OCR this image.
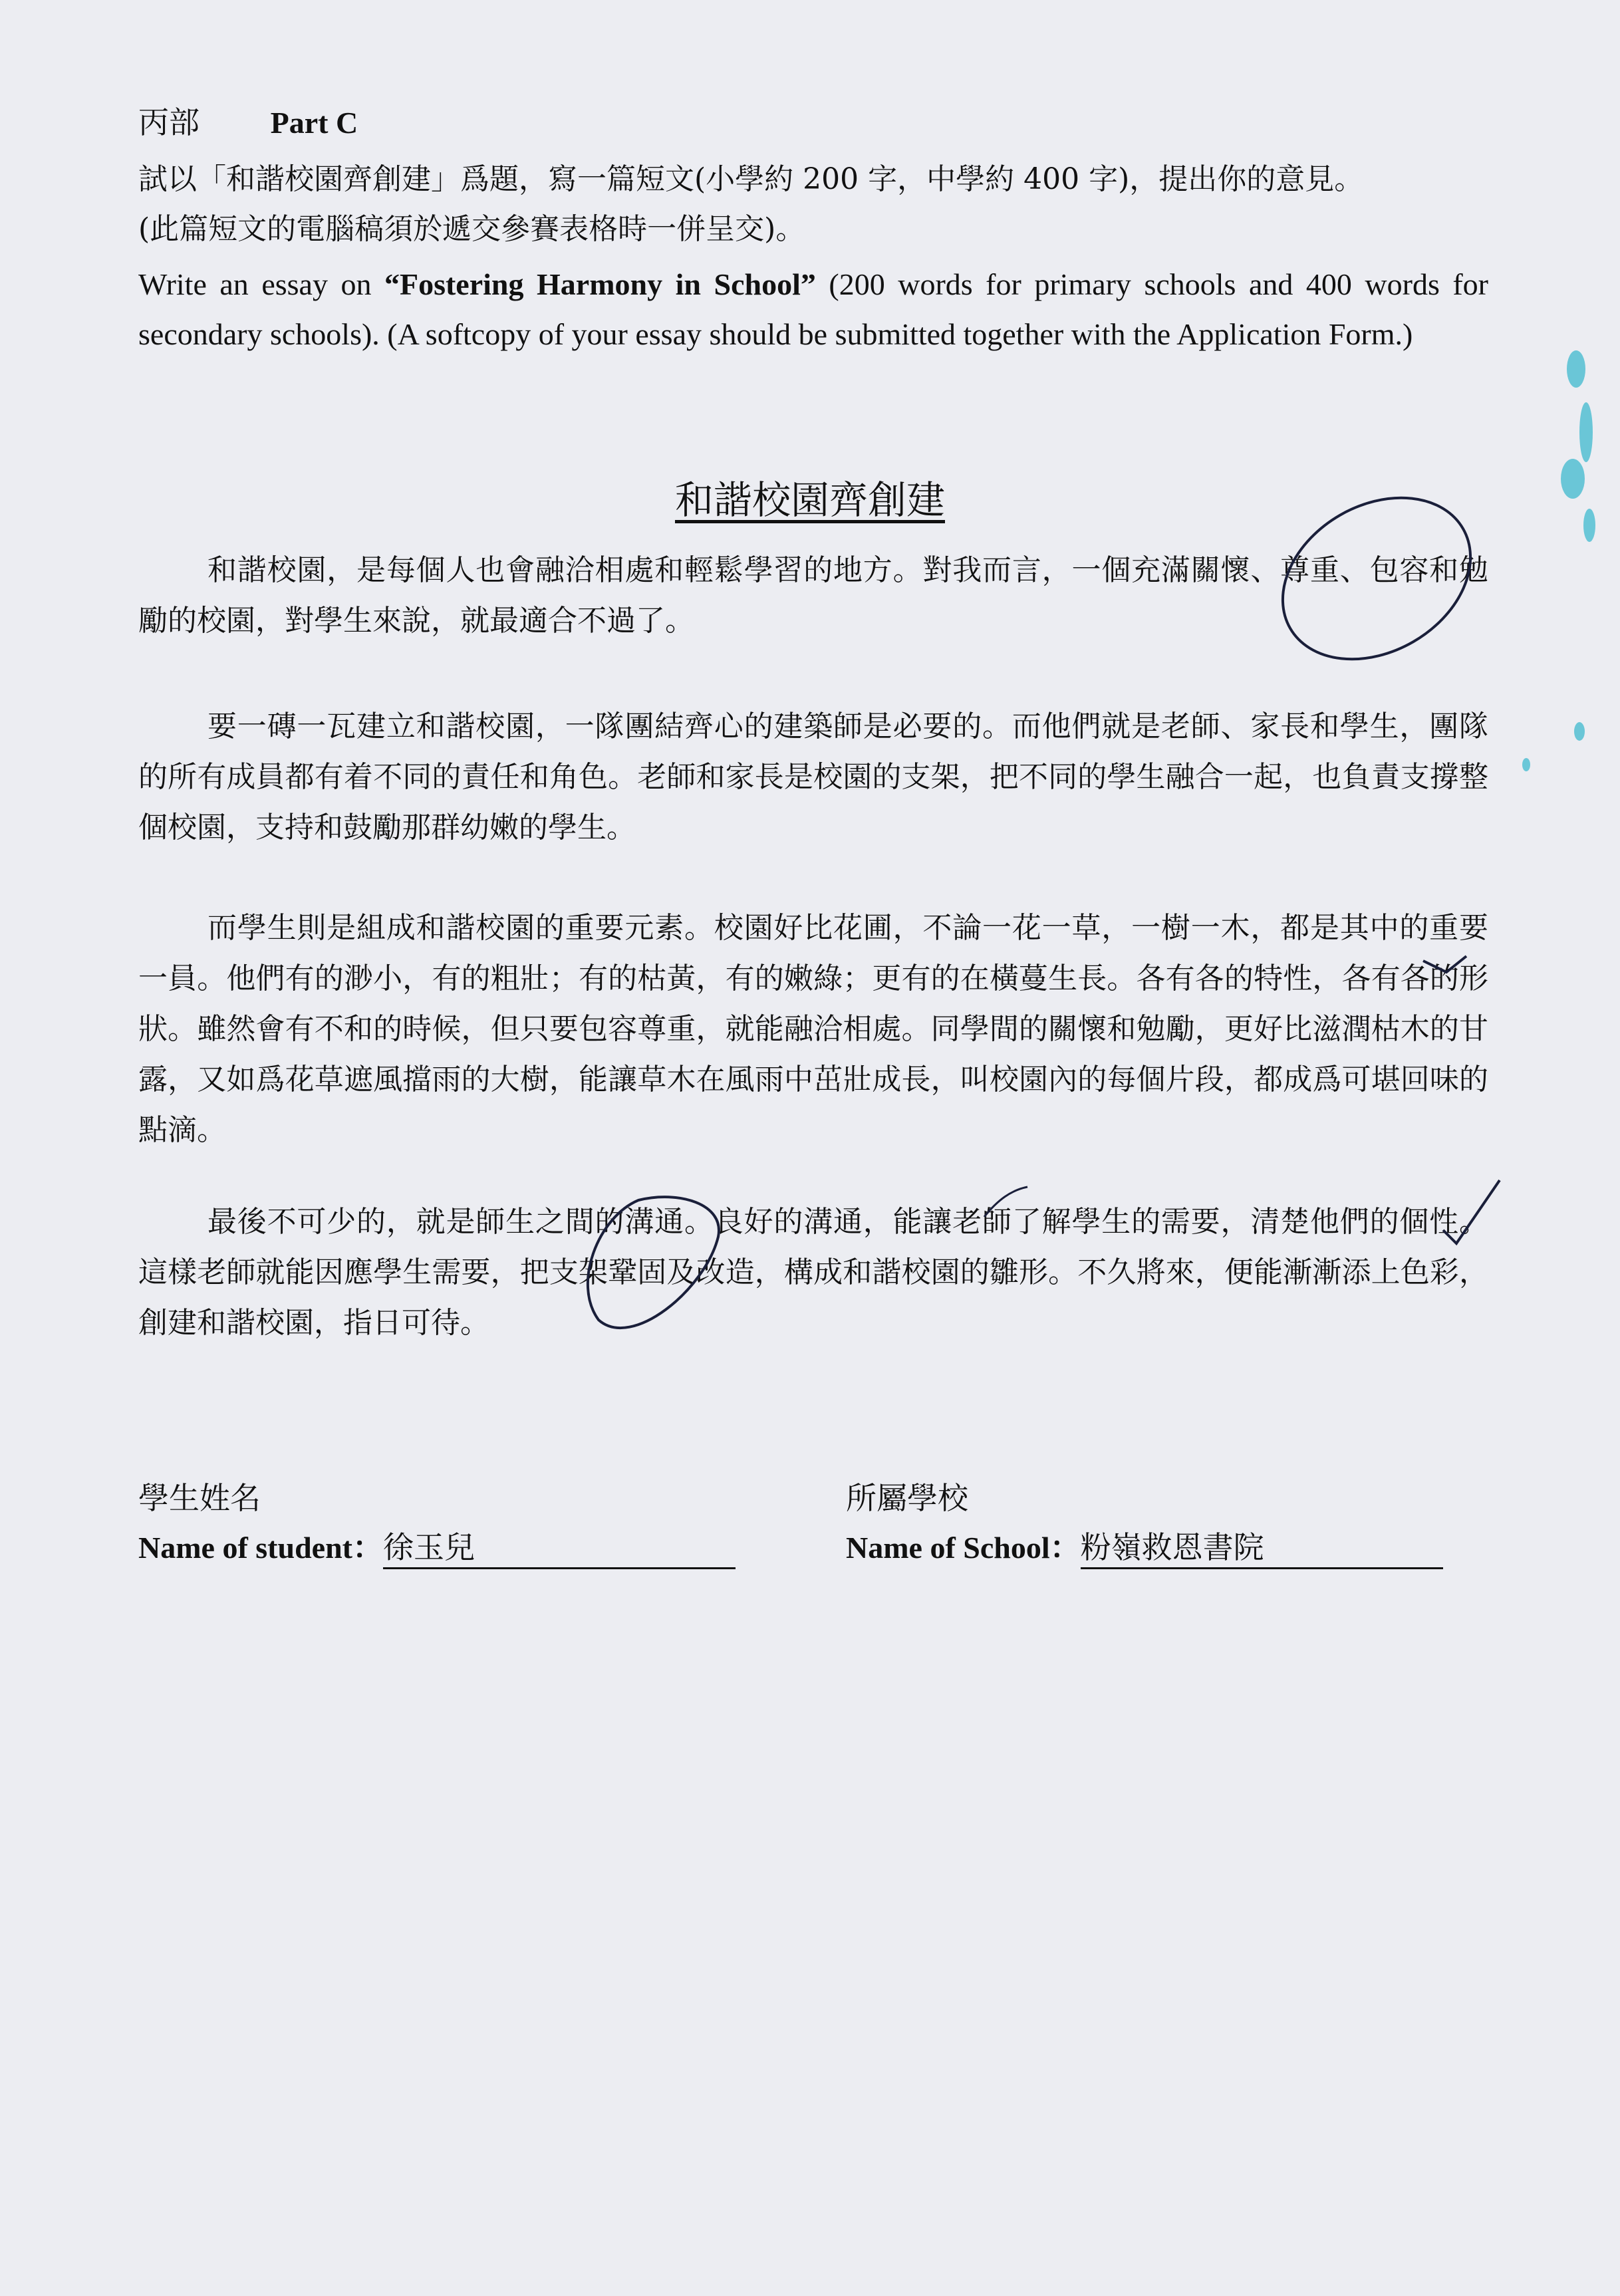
丙部 Part C
試以「和諧校園齊創建」爲題，寫一篇短文(小學約 200 字，中學約 400 字)，提出你的意見。
(此篇短文的電腦稿須於遞交參賽表格時一併呈交)。
Write an essay on “Fostering Harmony in School” (200 words for primary schools and 400 words for secondary schools). (A softcopy of your essay should be submitted together with the Application Form.)
和諧校園齊創建

和諧校園，是每個人也會融洽相處和輕鬆學習的地方。對我而言，一個充滿關懷、尊重、包容和勉勵的校園，對學生來說，就最適合不過了。

要一磚一瓦建立和諧校園，一隊團結齊心的建築師是必要的。而他們就是老師、家長和學生，團隊的所有成員都有着不同的責任和角色。老師和家長是校園的支架，把不同的學生融合一起，也負責支撐整個校園，支持和鼓勵那群幼嫩的學生。

而學生則是組成和諧校園的重要元素。校園好比花圃，不論一花一草，一樹一木，都是其中的重要一員。他們有的渺小，有的粗壯；有的枯黃，有的嫩綠；更有的在橫蔓生長。各有各的特性，各有各的形狀。雖然會有不和的時候，但只要包容尊重，就能融洽相處。同學間的關懷和勉勵，更好比滋潤枯木的甘露，又如爲花草遮風擋雨的大樹，能讓草木在風雨中茁壯成長，叫校園內的每個片段，都成爲可堪回味的點滴。

最後不可少的，就是師生之間的溝通。良好的溝通，能讓老師了解學生的需要，清楚他們的個性。這樣老師就能因應學生需要，把支架鞏固及改造，構成和諧校園的雛形。不久將來，便能漸漸添上色彩，創建和諧校園，指日可待。

學生姓名
Name of student：徐玉兒
所屬學校
Name of School：粉嶺救恩書院
